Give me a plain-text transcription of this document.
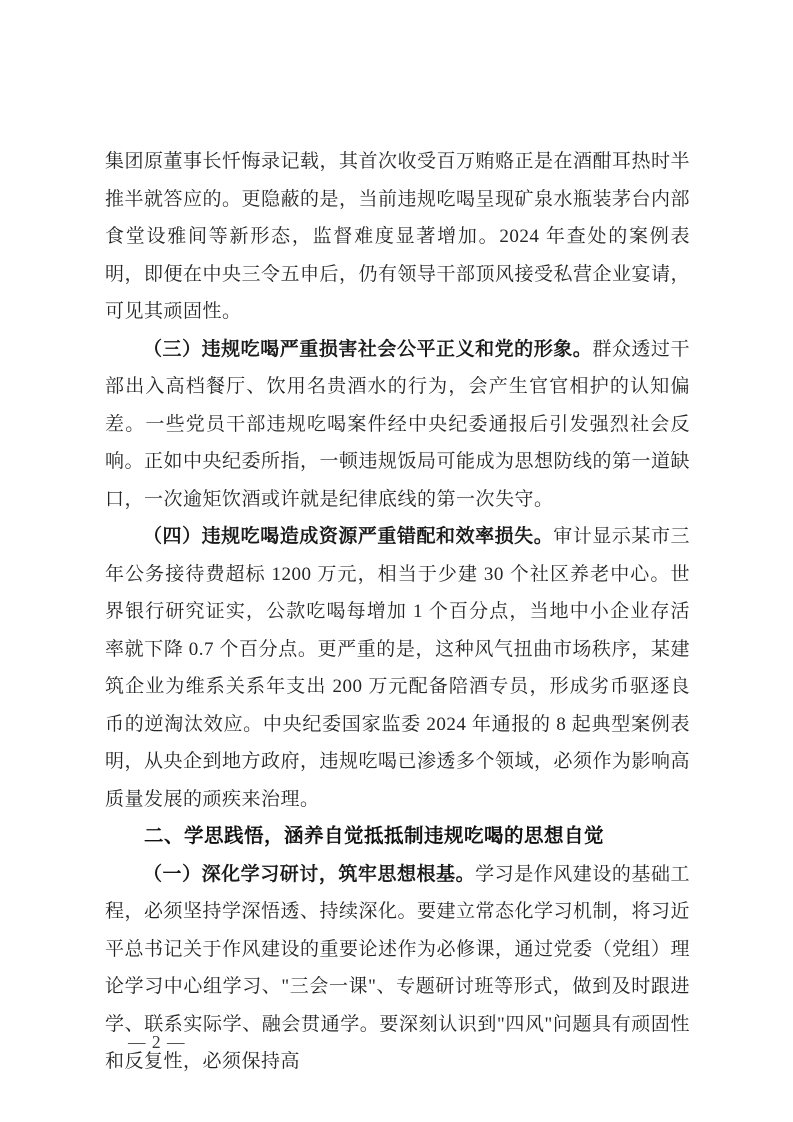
集团原董事长忏悔录记载，其首次收受百万贿赂正是在酒酣耳热时半推半就答应的。更隐蔽的是，当前违规吃喝呈现矿泉水瓶装茅台内部食堂设雅间等新形态，监督难度显著增加。2024 年查处的案例表明，即便在中央三令五申后，仍有领导干部顶风接受私营企业宴请，可见其顽固性。

（三）违规吃喝严重损害社会公平正义和党的形象。群众透过干部出入高档餐厅、饮用名贵酒水的行为，会产生官官相护的认知偏差。一些党员干部违规吃喝案件经中央纪委通报后引发强烈社会反响。正如中央纪委所指，一顿违规饭局可能成为思想防线的第一道缺口，一次逾矩饮酒或许就是纪律底线的第一次失守。

（四）违规吃喝造成资源严重错配和效率损失。审计显示某市三年公务接待费超标 1200 万元，相当于少建 30 个社区养老中心。世界银行研究证实，公款吃喝每增加 1 个百分点，当地中小企业存活率就下降 0.7 个百分点。更严重的是，这种风气扭曲市场秩序，某建筑企业为维系关系年支出 200 万元配备陪酒专员，形成劣币驱逐良币的逆淘汰效应。中央纪委国家监委 2024 年通报的 8 起典型案例表明，从央企到地方政府，违规吃喝已渗透多个领域，必须作为影响高质量发展的顽疾来治理。

二、学思践悟，涵养自觉抵抵制违规吃喝的思想自觉

（一）深化学习研讨，筑牢思想根基。学习是作风建设的基础工程，必须坚持学深悟透、持续深化。要建立常态化学习机制，将习近平总书记关于作风建设的重要论述作为必修课，通过党委（党组）理论学习中心组学习、"三会一课"、专题研讨班等形式，做到及时跟进学、联系实际学、融会贯通学。要深刻认识到"四风"问题具有顽固性和反复性，必须保持高

— 2 —
